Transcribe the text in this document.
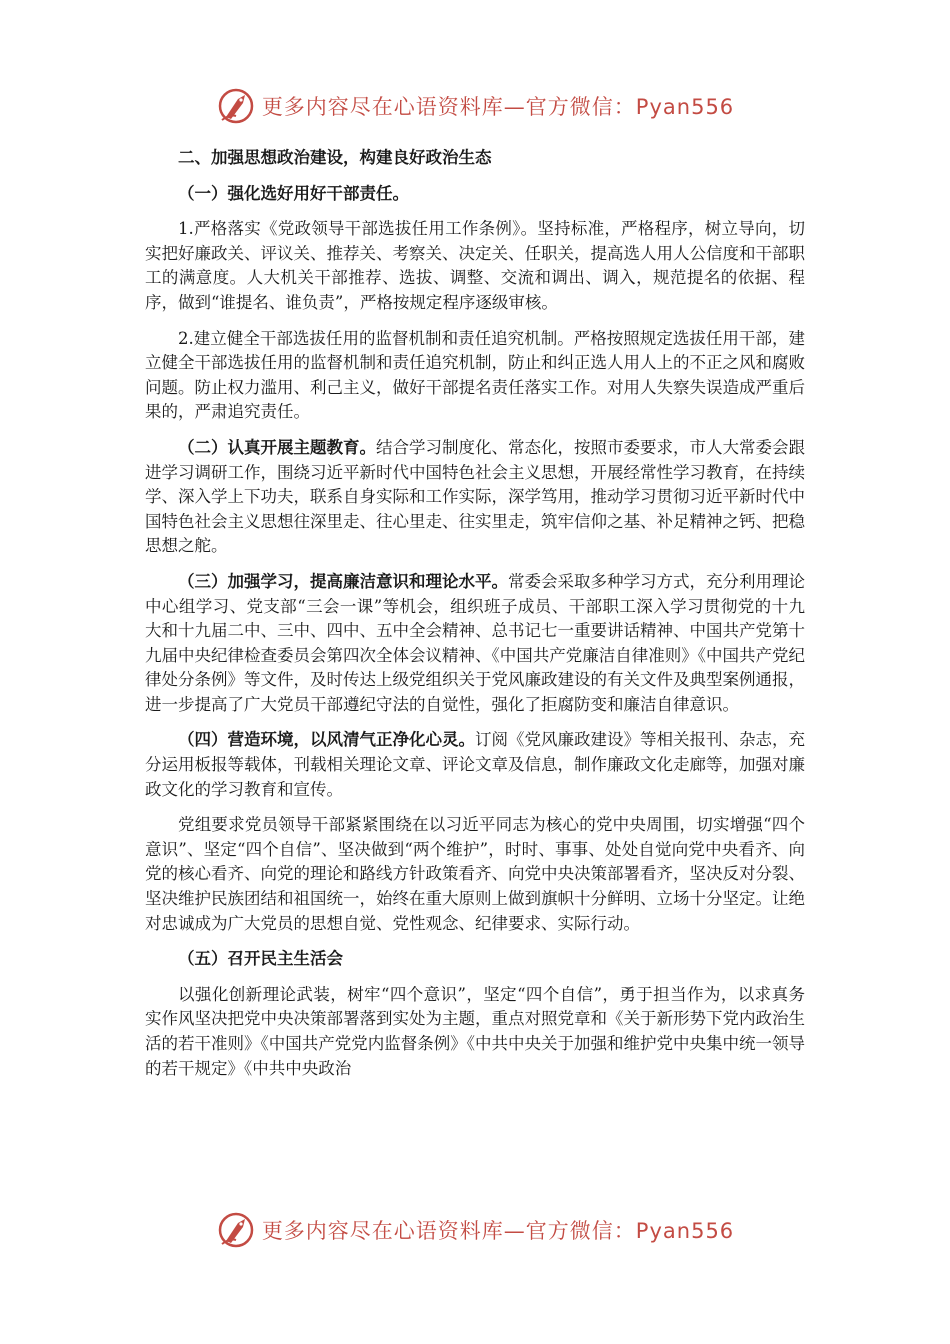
更多内容尽在心语资料库—官方微信：Pyan556

二、加强思想政治建设，构建良好政治生态

（一）强化选好用好干部责任。

1.严格落实《党政领导干部选拔任用工作条例》。坚持标准，严格程序，树立导向，切实把好廉政关、评议关、推荐关、考察关、决定关、任职关，提高选人用人公信度和干部职工的满意度。人大机关干部推荐、选拔、调整、交流和调出、调入，规范提名的依据、程序，做到“谁提名、谁负责”，严格按规定程序逐级审核。

2.建立健全干部选拔任用的监督机制和责任追究机制。严格按照规定选拔任用干部，建立健全干部选拔任用的监督机制和责任追究机制，防止和纠正选人用人上的不正之风和腐败问题。防止权力滥用、利己主义，做好干部提名责任落实工作。对用人失察失误造成严重后果的，严肃追究责任。

（二）认真开展主题教育。结合学习制度化、常态化，按照市委要求，市人大常委会跟进学习调研工作，围绕习近平新时代中国特色社会主义思想，开展经常性学习教育，在持续学、深入学上下功夫，联系自身实际和工作实际，深学笃用，推动学习贯彻习近平新时代中国特色社会主义思想往深里走、往心里走、往实里走，筑牢信仰之基、补足精神之钙、把稳思想之舵。

（三）加强学习，提高廉洁意识和理论水平。常委会采取多种学习方式，充分利用理论中心组学习、党支部“三会一课”等机会，组织班子成员、干部职工深入学习贯彻党的十九大和十九届二中、三中、四中、五中全会精神、总书记七一重要讲话精神、中国共产党第十九届中央纪律检查委员会第四次全体会议精神、《中国共产党廉洁自律准则》《中国共产党纪律处分条例》等文件，及时传达上级党组织关于党风廉政建设的有关文件及典型案例通报，进一步提高了广大党员干部遵纪守法的自觉性，强化了拒腐防变和廉洁自律意识。

（四）营造环境，以风清气正净化心灵。订阅《党风廉政建设》等相关报刊、杂志，充分运用板报等载体，刊载相关理论文章、评论文章及信息，制作廉政文化走廊等，加强对廉政文化的学习教育和宣传。

党组要求党员领导干部紧紧围绕在以习近平同志为核心的党中央周围，切实增强“四个意识”、坚定“四个自信”、坚决做到“两个维护”，时时、事事、处处自觉向党中央看齐、向党的核心看齐、向党的理论和路线方针政策看齐、向党中央决策部署看齐，坚决反对分裂、坚决维护民族团结和祖国统一，始终在重大原则上做到旗帜十分鲜明、立场十分坚定。让绝对忠诚成为广大党员的思想自觉、党性观念、纪律要求、实际行动。

（五）召开民主生活会

以强化创新理论武装，树牢“四个意识”，坚定“四个自信”，勇于担当作为，以求真务实作风坚决把党中央决策部署落到实处为主题，重点对照党章和《关于新形势下党内政治生活的若干准则》《中国共产党党内监督条例》《中共中央关于加强和维护党中央集中统一领导的若干规定》《中共中央政治

更多内容尽在心语资料库—官方微信：Pyan556
